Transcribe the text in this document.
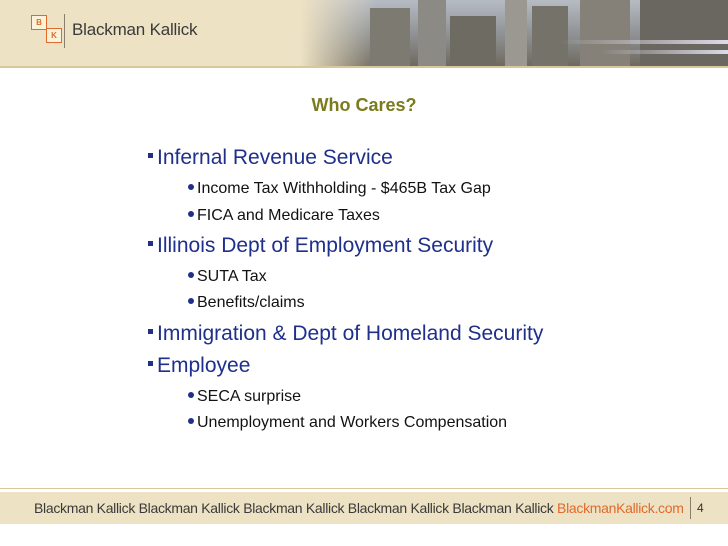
B
K Blackman Kallick
Who Cares?
Infernal Revenue Service
Income Tax Withholding - $465B Tax Gap
FICA and Medicare Taxes
Illinois Dept of Employment Security
SUTA Tax
Benefits/claims
Immigration & Dept of Homeland Security
Employee
SECA surprise
Unemployment and Workers Compensation
Blackman Kallick Blackman Kallick Blackman Kallick Blackman Kallick Blackman Kallick BlackmanKallick.com 4
